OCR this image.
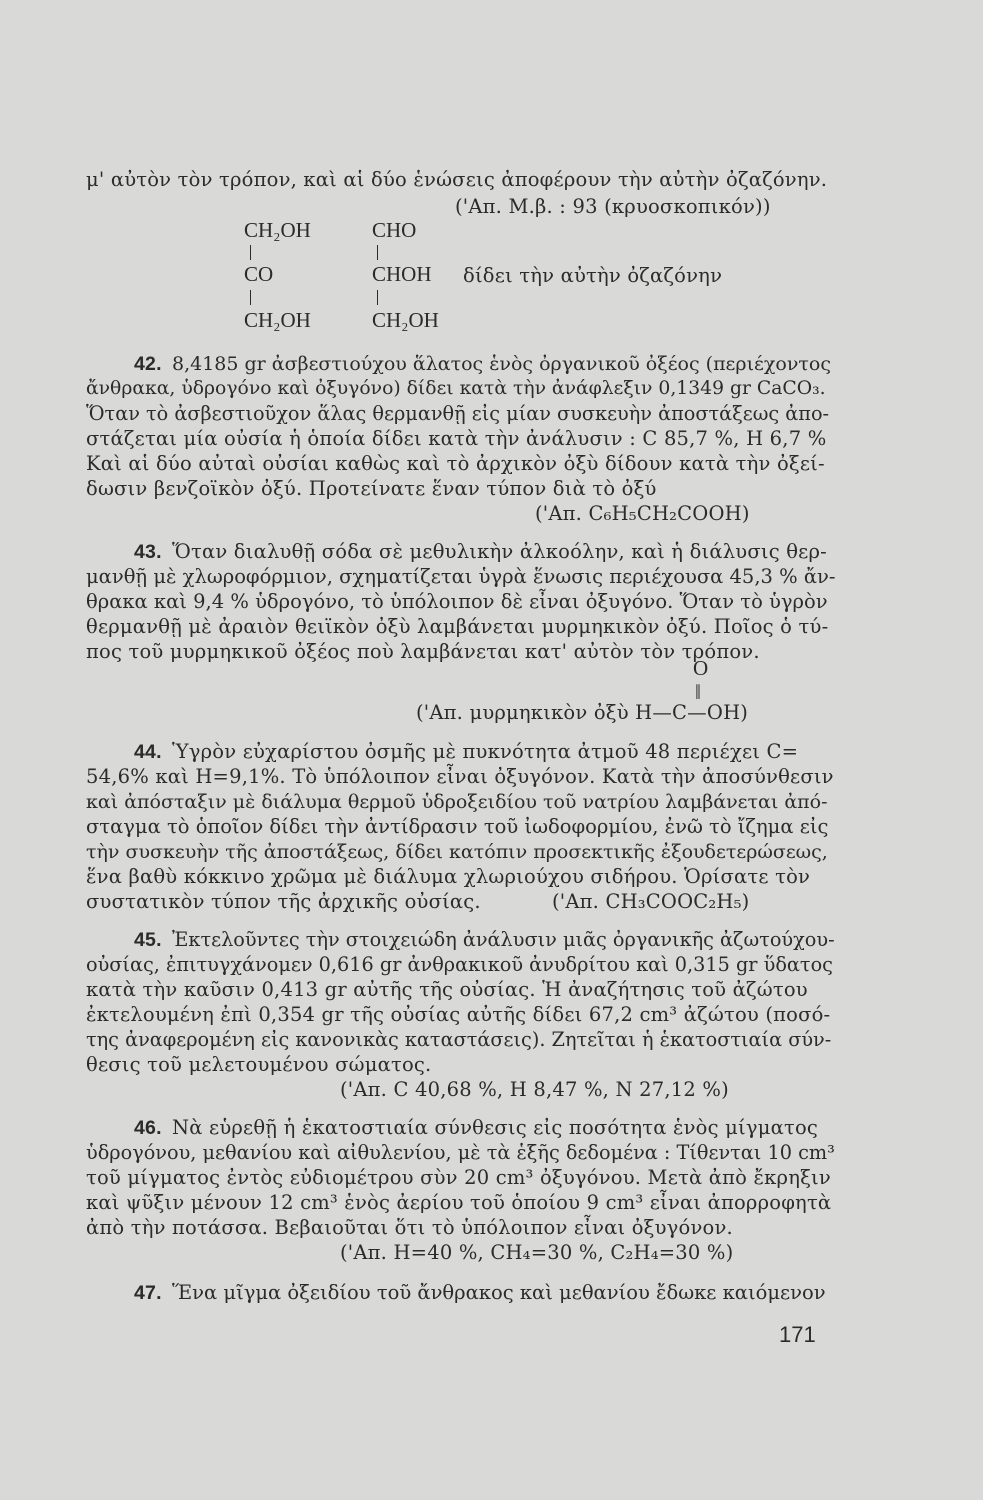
μ' αὐτὸν τὸν τρόπον, καὶ αἱ δύο ἑνώσεις ἀποφέρουν τὴν αὐτὴν ὀζαζόνην.
('Απ. Μ.β. : 93 (κρυοσκοπικόν))
CH₂OH
CO
CH₂OH
CHO
CHOH
CH₂OH
δίδει τὴν αὐτὴν ὀζαζόνην
42. 8,4185 gr ἀσβεστιούχου ἅλατος ἑνὸς ὀργανικοῦ ὀξέος (περιέχοντος
ἄνθρακα, ὑδρογόνο καὶ ὀξυγόνο) δίδει κατὰ τὴν ἀνάφλεξιν 0,1349 gr CaCO₃.
Ὅταν τὸ ἀσβεστιοῦχον ἅλας θερμανθῇ εἰς μίαν συσκευὴν ἀποστάξεως ἀπο-
στάζεται μία οὐσία ἡ ὁποία δίδει κατὰ τὴν ἀνάλυσιν : C 85,7 %, H 6,7 %
Καὶ αἱ δύο αὐταὶ οὐσίαι καθὼς καὶ τὸ ἀρχικὸν ὀξὺ δίδουν κατὰ τὴν ὀξεί-
δωσιν βενζοϊκὸν ὀξύ. Προτείνατε ἕναν τύπον διὰ τὸ ὀξύ
('Απ. C₆H₅CH₂COOH)
43. Ὅταν διαλυθῇ σόδα σὲ μεθυλικὴν ἀλκοόλην, καὶ ἡ διάλυσις θερ-
μανθῇ μὲ χλωροφόρμιον, σχηματίζεται ὑγρὰ ἕνωσις περιέχουσα 45,3 % ἄν-
θρακα καὶ 9,4 % ὑδρογόνο, τὸ ὑπόλοιπον δὲ εἶναι ὀξυγόνο. Ὅταν τὸ ὑγρὸν
θερμανθῇ μὲ ἀραιὸν θειϊκὸν ὀξὺ λαμβάνεται μυρμηκικὸν ὀξύ. Ποῖος ὁ τύ-
πος τοῦ μυρμηκικοῦ ὀξέος ποὺ λαμβάνεται κατ' αὐτὸν τὸν τρόπον.
O
‖
('Απ. μυρμηκικὸν ὀξὺ H—C—OH)
44. Ὑγρὸν εὐχαρίστου ὀσμῆς μὲ πυκνότητα ἀτμοῦ 48 περιέχει C=
54,6% καὶ H=9,1%. Τὸ ὑπόλοιπον εἶναι ὀξυγόνον. Κατὰ τὴν ἀποσύνθεσιν
καὶ ἀπόσταξιν μὲ διάλυμα θερμοῦ ὑδροξειδίου τοῦ νατρίου λαμβάνεται ἀπό-
σταγμα τὸ ὁποῖον δίδει τὴν ἀντίδρασιν τοῦ ἰωδοφορμίου, ἐνῶ τὸ ἴζημα εἰς
τὴν συσκευὴν τῆς ἀποστάξεως, δίδει κατόπιν προσεκτικῆς ἐξουδετερώσεως,
ἕνα βαθὺ κόκκινο χρῶμα μὲ διάλυμα χλωριούχου σιδήρου. Ὁρίσατε τὸν
συστατικὸν τύπον τῆς ἀρχικῆς οὐσίας.	('Απ. CH₃COOC₂H₅)
45. Ἐκτελοῦντες τὴν στοιχειώδη ἀνάλυσιν μιᾶς ὀργανικῆς ἀζωτούχου-
οὐσίας, ἐπιτυγχάνομεν 0,616 gr ἀνθρακικοῦ ἀνυδρίτου καὶ 0,315 gr ὕδατος
κατὰ τὴν καῦσιν 0,413 gr αὐτῆς τῆς οὐσίας. Ἡ ἀναζήτησις τοῦ ἀζώτου
ἐκτελουμένη ἐπὶ 0,354 gr τῆς οὐσίας αὐτῆς δίδει 67,2 cm³ ἀζώτου (ποσό-
της ἀναφερομένη εἰς κανονικὰς καταστάσεις). Ζητεῖται ἡ ἑκατοστιαία σύν-
θεσις τοῦ μελετουμένου σώματος.
('Απ. C 40,68 %, H 8,47 %, N 27,12 %)
46. Νὰ εὑρεθῇ ἡ ἑκατοστιαία σύνθεσις εἰς ποσότητα ἑνὸς μίγματος
ὑδρογόνου, μεθανίου καὶ αἰθυλενίου, μὲ τὰ ἑξῆς δεδομένα : Τίθενται 10 cm³
τοῦ μίγματος ἐντὸς εὐδιομέτρου σὺν 20 cm³ ὀξυγόνου. Μετὰ ἀπὸ ἔκρηξιν
καὶ ψῦξιν μένουν 12 cm³ ἑνὸς ἀερίου τοῦ ὁποίου 9 cm³ εἶναι ἀπορροφητὰ
ἀπὸ τὴν ποτάσσα. Βεβαιοῦται ὅτι τὸ ὑπόλοιπον εἶναι ὀξυγόνον.
('Απ. H=40 %, CH₄=30 %, C₂H₄=30 %)
47. Ἕνα μῖγμα ὀξειδίου τοῦ ἄνθρακος καὶ μεθανίου ἔδωκε καιόμενον
171
